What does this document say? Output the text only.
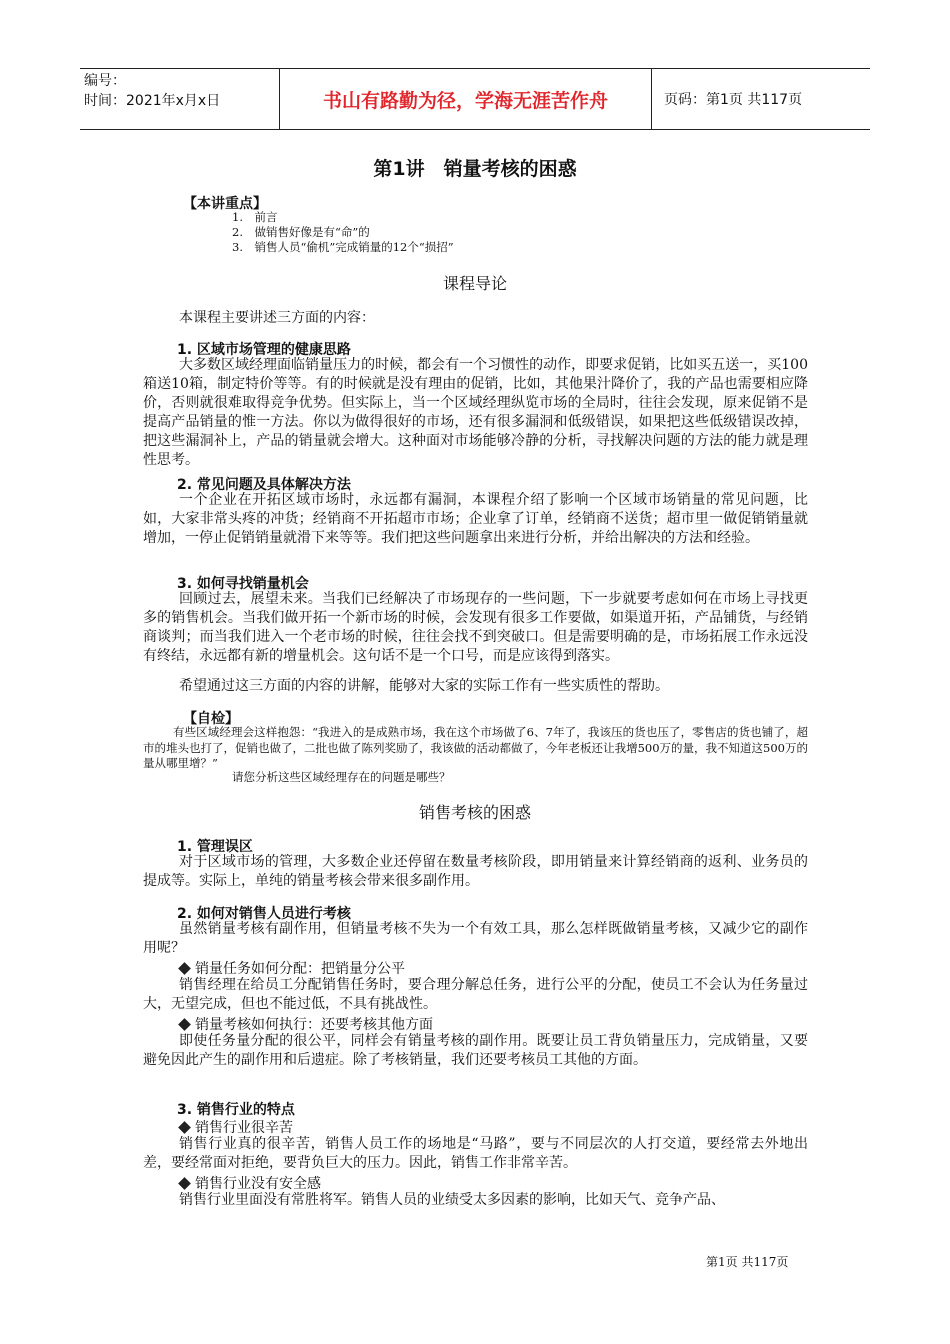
编号：
时间：2021年x月x日	书山有路勤为径，学海无涯苦作舟	页码：第1页 共117页
第1讲　销量考核的困惑
【本讲重点】
1.　前言
2.　做销售好像是有“命”的
3.　销售人员“偷机”完成销量的12个“损招”
课程导论

本课程主要讲述三方面的内容：

1. 区域市场管理的健康思路

大多数区域经理面临销量压力的时候，都会有一个习惯性的动作，即要求促销，比如买五送一，买100箱送10箱，制定特价等等。有的时候就是没有理由的促销，比如，其他果汁降价了，我的产品也需要相应降价，否则就很难取得竞争优势。但实际上，当一个区域经理纵览市场的全局时，往往会发现，原来促销不是提高产品销量的惟一方法。你以为做得很好的市场，还有很多漏洞和低级错误，如果把这些低级错误改掉，把这些漏洞补上，产品的销量就会增大。这种面对市场能够冷静的分析，寻找解决问题的方法的能力就是理性思考。

2. 常见问题及具体解决方法

一个企业在开拓区域市场时，永远都有漏洞，本课程介绍了影响一个区域市场销量的常见问题，比如，大家非常头疼的冲货；经销商不开拓超市市场；企业拿了订单，经销商不送货；超市里一做促销销量就增加，一停止促销销量就滑下来等等。我们把这些问题拿出来进行分析，并给出解决的方法和经验。

3. 如何寻找销量机会

回顾过去，展望未来。当我们已经解决了市场现存的一些问题，下一步就要考虑如何在市场上寻找更多的销售机会。当我们做开拓一个新市场的时候，会发现有很多工作要做，如渠道开拓，产品铺货，与经销商谈判；而当我们进入一个老市场的时候，往往会找不到突破口。但是需要明确的是，市场拓展工作永远没有终结，永远都有新的增量机会。这句话不是一个口号，而是应该得到落实。

希望通过这三方面的内容的讲解，能够对大家的实际工作有一些实质性的帮助。

【自检】

有些区域经理会这样抱怨：“我进入的是成熟市场，我在这个市场做了6、7年了，我该压的货也压了，零售店的货也铺了，超市的堆头也打了，促销也做了，二批也做了陈列奖励了，我该做的活动都做了，今年老板还让我增500万的量，我不知道这500万的量从哪里增？”

请您分析这些区域经理存在的问题是哪些？
销售考核的困惑
1. 管理误区

对于区域市场的管理，大多数企业还停留在数量考核阶段，即用销量来计算经销商的返利、业务员的提成等。实际上，单纯的销量考核会带来很多副作用。

2. 如何对销售人员进行考核

虽然销量考核有副作用，但销量考核不失为一个有效工具，那么怎样既做销量考核，又减少它的副作用呢？

销量任务如何分配：把销量分公平

销售经理在给员工分配销售任务时，要合理分解总任务，进行公平的分配，使员工不会认为任务量过大，无望完成，但也不能过低，不具有挑战性。

销量考核如何执行：还要考核其他方面

即使任务量分配的很公平，同样会有销量考核的副作用。既要让员工背负销量压力，完成销量，又要避免因此产生的副作用和后遗症。除了考核销量，我们还要考核员工其他的方面。

3. 销售行业的特点
销售行业很辛苦

销售行业真的很辛苦，销售人员工作的场地是“马路”，要与不同层次的人打交道，要经常去外地出差，要经常面对拒绝，要背负巨大的压力。因此，销售工作非常辛苦。

销售行业没有安全感

销售行业里面没有常胜将军。销售人员的业绩受太多因素的影响，比如天气、竞争产品、

第1页 共117页
